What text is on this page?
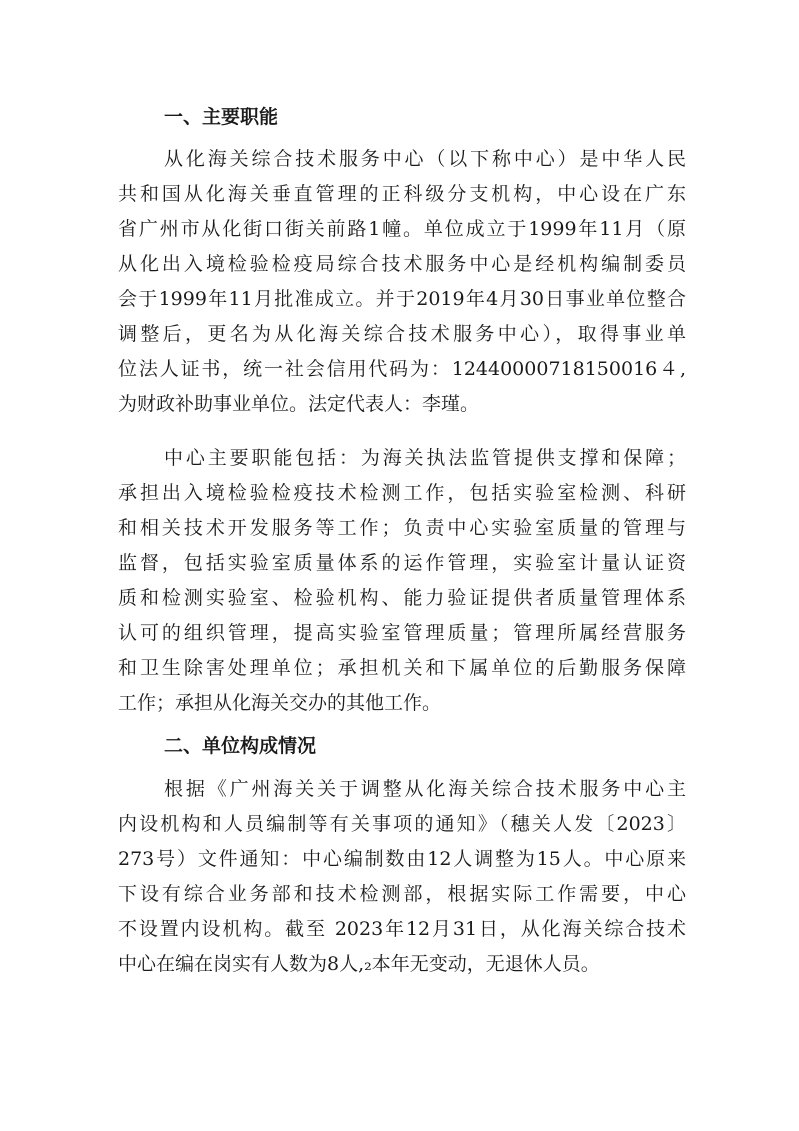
一、主要职能
从化海关综合技术服务中心（以下称中心）是中华人民
共和国从化海关垂直管理的正科级分支机构，中心设在广东
省广州市从化街口街关前路1幢。单位成立于1999年11月（原
从化出入境检验检疫局综合技术服务中心是经机构编制委员
会于1999年11月批准成立。并于2019年4月30日事业单位整合
调整后，更名为从化海关综合技术服务中心），取得事业单
位法人证书，统一社会信用代码为：12440000718150016４,
为财政补助事业单位。法定代表人：李瑾。
中心主要职能包括：为海关执法监管提供支撑和保障；
承担出入境检验检疫技术检测工作，包括实验室检测、科研
和相关技术开发服务等工作；负责中心实验室质量的管理与
监督，包括实验室质量体系的运作管理，实验室计量认证资
质和检测实验室、检验机构、能力验证提供者质量管理体系
认可的组织管理，提高实验室管理质量；管理所属经营服务
和卫生除害处理单位；承担机关和下属单位的后勤服务保障
工作；承担从化海关交办的其他工作。
二、单位构成情况
根据《广州海关关于调整从化海关综合技术服务中心主
内设机构和人员编制等有关事项的通知》（穗关人发〔2023〕
273号）文件通知：中心编制数由12人调整为15人。中心原来
下设有综合业务部和技术检测部，根据实际工作需要，中心
不设置内设机构。截至 2023年12月31日，从化海关综合技术
中心在编在岗实有人数为8人,₂本年无变动，无退休人员。
